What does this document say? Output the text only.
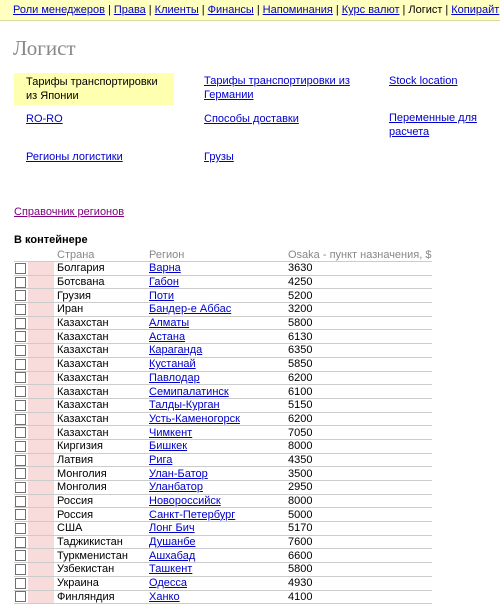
Роли менеджеров | Права | Клиенты | Финансы | Напоминания | Курс валют | Логист | Копирайт
Логист
Тарифы транспортировки из Японии
Тарифы транспортировки из Германии
Stock location
RO-RO	Способы доставки	Переменные для расчета
Регионы логистики	Грузы
Справочник регионов
В контейнере
		Страна	Регион	Osaka - пункт назначения, $
		Болгария	Варна	3630
		Ботсвана	Габон	4250
		Грузия	Поти	5200
		Иран	Бандер-е Аббас	3200
		Казахстан	Алматы	5800
		Казахстан	Астана	6130
		Казахстан	Караганда	6350
		Казахстан	Кустанай	5850
		Казахстан	Павлодар	6200
		Казахстан	Семипалатинск	6100
		Казахстан	Талды-Курган	5150
		Казахстан	Усть-Каменогорск	6200
		Казахстан	Чимкент	7050
		Киргизия	Бишкек	8000
		Латвия	Рига	4350
		Монголия	Улан-Батор	3500
		Монголия	Уланбатор	2950
		Россия	Новороссийск	8000
		Россия	Санкт-Петербург	5000
		США	Лонг Бич	5170
		Таджикистан	Душанбе	7600
		Туркменистан	Ашхабад	6600
		Узбекистан	Ташкент	5800
		Украина	Одесса	4930
		Финляндия	Ханко	4100
